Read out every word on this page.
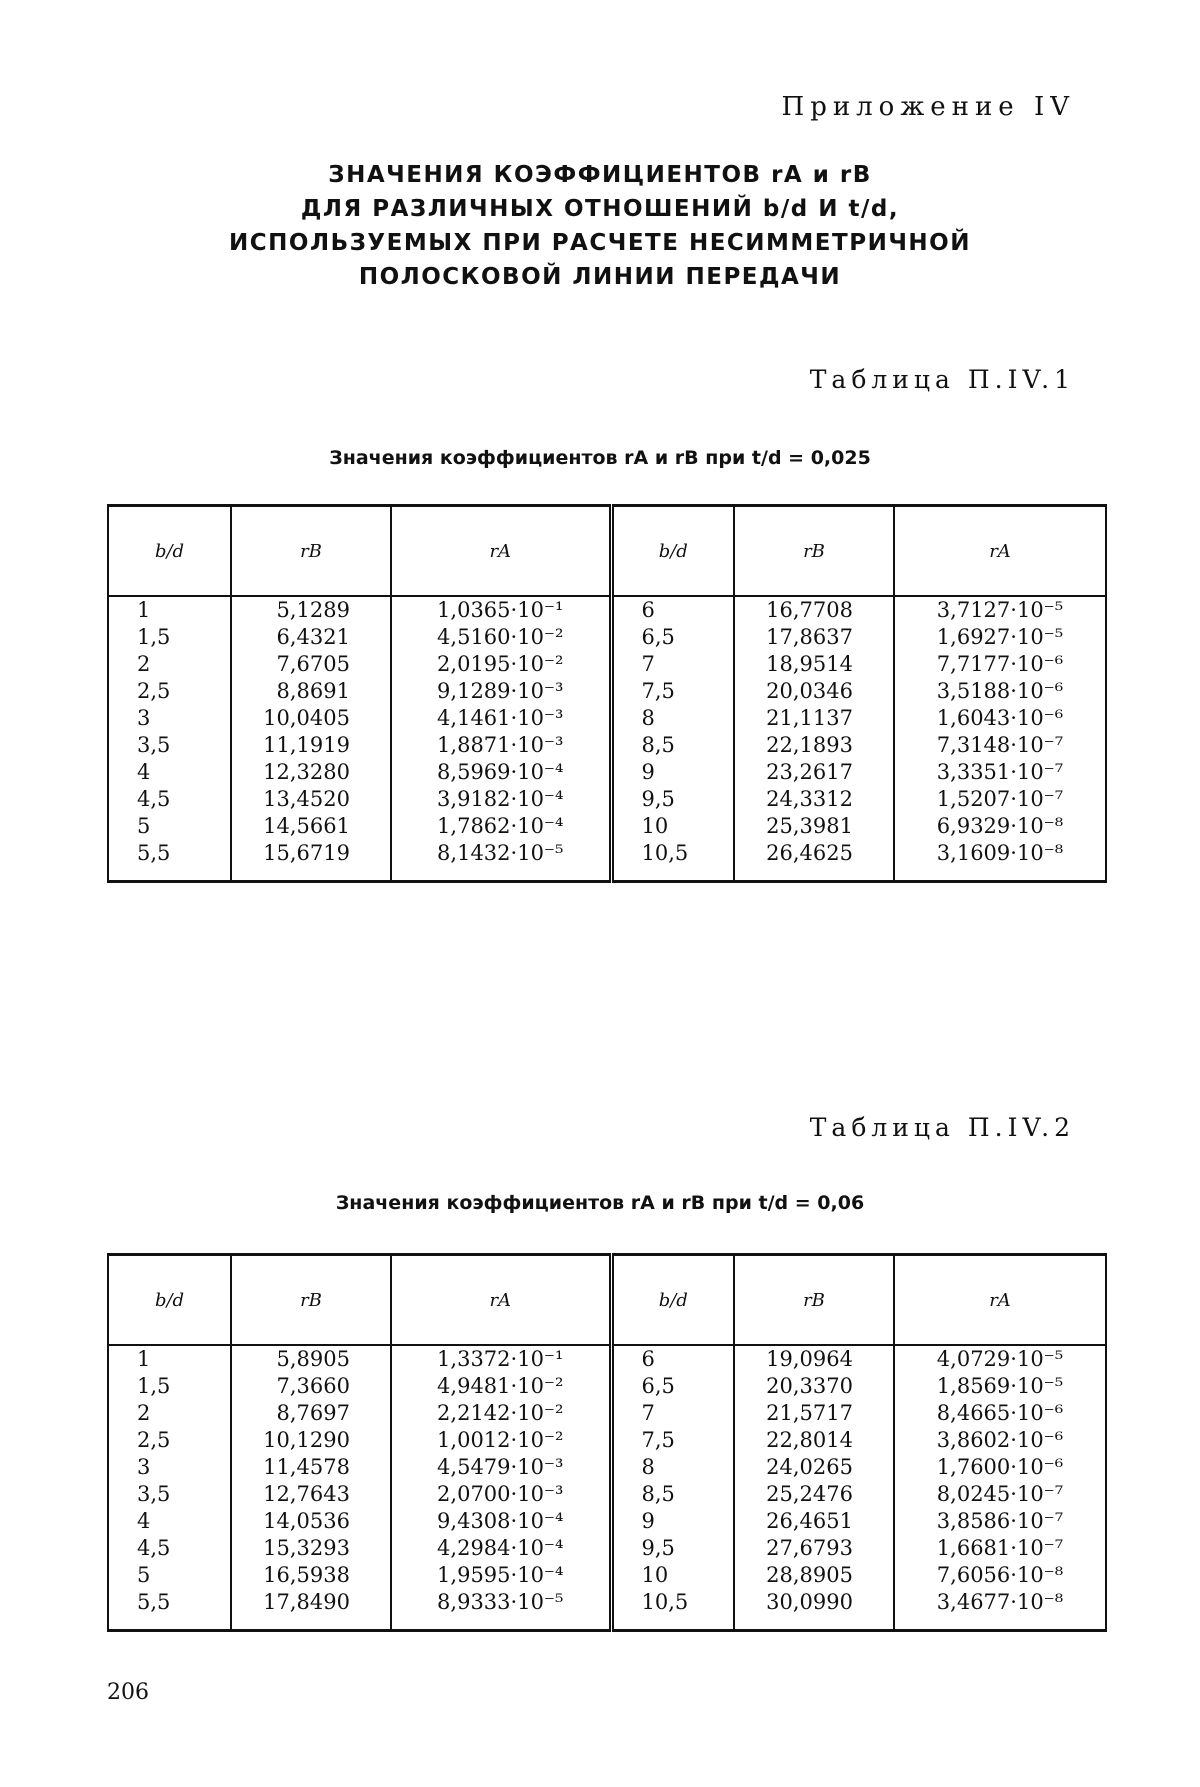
Приложение IV
ЗНАЧЕНИЯ КОЭФФИЦИЕНТОВ rA и rB
ДЛЯ РАЗЛИЧНЫХ ОТНОШЕНИЙ b/d И t/d,
ИСПОЛЬЗУЕМЫХ ПРИ РАСЧЕТЕ НЕСИММЕТРИЧНОЙ
ПОЛОСКОВОЙ ЛИНИИ ПЕРЕДАЧИ
Таблица П.IV.1
Значения коэффициентов rA и rB при t/d = 0,025
b/d	rB	rA	b/d	rB	rA
1	5,1289	1,0365·10⁻¹	6	16,7708	3,7127·10⁻⁵
1,5	6,4321	4,5160·10⁻²	6,5	17,8637	1,6927·10⁻⁵
2	7,6705	2,0195·10⁻²	7	18,9514	7,7177·10⁻⁶
2,5	8,8691	9,1289·10⁻³	7,5	20,0346	3,5188·10⁻⁶
3	10,0405	4,1461·10⁻³	8	21,1137	1,6043·10⁻⁶
3,5	11,1919	1,8871·10⁻³	8,5	22,1893	7,3148·10⁻⁷
4	12,3280	8,5969·10⁻⁴	9	23,2617	3,3351·10⁻⁷
4,5	13,4520	3,9182·10⁻⁴	9,5	24,3312	1,5207·10⁻⁷
5	14,5661	1,7862·10⁻⁴	10	25,3981	6,9329·10⁻⁸
5,5	15,6719	8,1432·10⁻⁵	10,5	26,4625	3,1609·10⁻⁸
Таблица П.IV.2
Значения коэффициентов rA и rB при t/d = 0,06
b/d	rB	rA	b/d	rB	rA
1	5,8905	1,3372·10⁻¹	6	19,0964	4,0729·10⁻⁵
1,5	7,3660	4,9481·10⁻²	6,5	20,3370	1,8569·10⁻⁵
2	8,7697	2,2142·10⁻²	7	21,5717	8,4665·10⁻⁶
2,5	10,1290	1,0012·10⁻²	7,5	22,8014	3,8602·10⁻⁶
3	11,4578	4,5479·10⁻³	8	24,0265	1,7600·10⁻⁶
3,5	12,7643	2,0700·10⁻³	8,5	25,2476	8,0245·10⁻⁷
4	14,0536	9,4308·10⁻⁴	9	26,4651	3,8586·10⁻⁷
4,5	15,3293	4,2984·10⁻⁴	9,5	27,6793	1,6681·10⁻⁷
5	16,5938	1,9595·10⁻⁴	10	28,8905	7,6056·10⁻⁸
5,5	17,8490	8,9333·10⁻⁵	10,5	30,0990	3,4677·10⁻⁸
206
